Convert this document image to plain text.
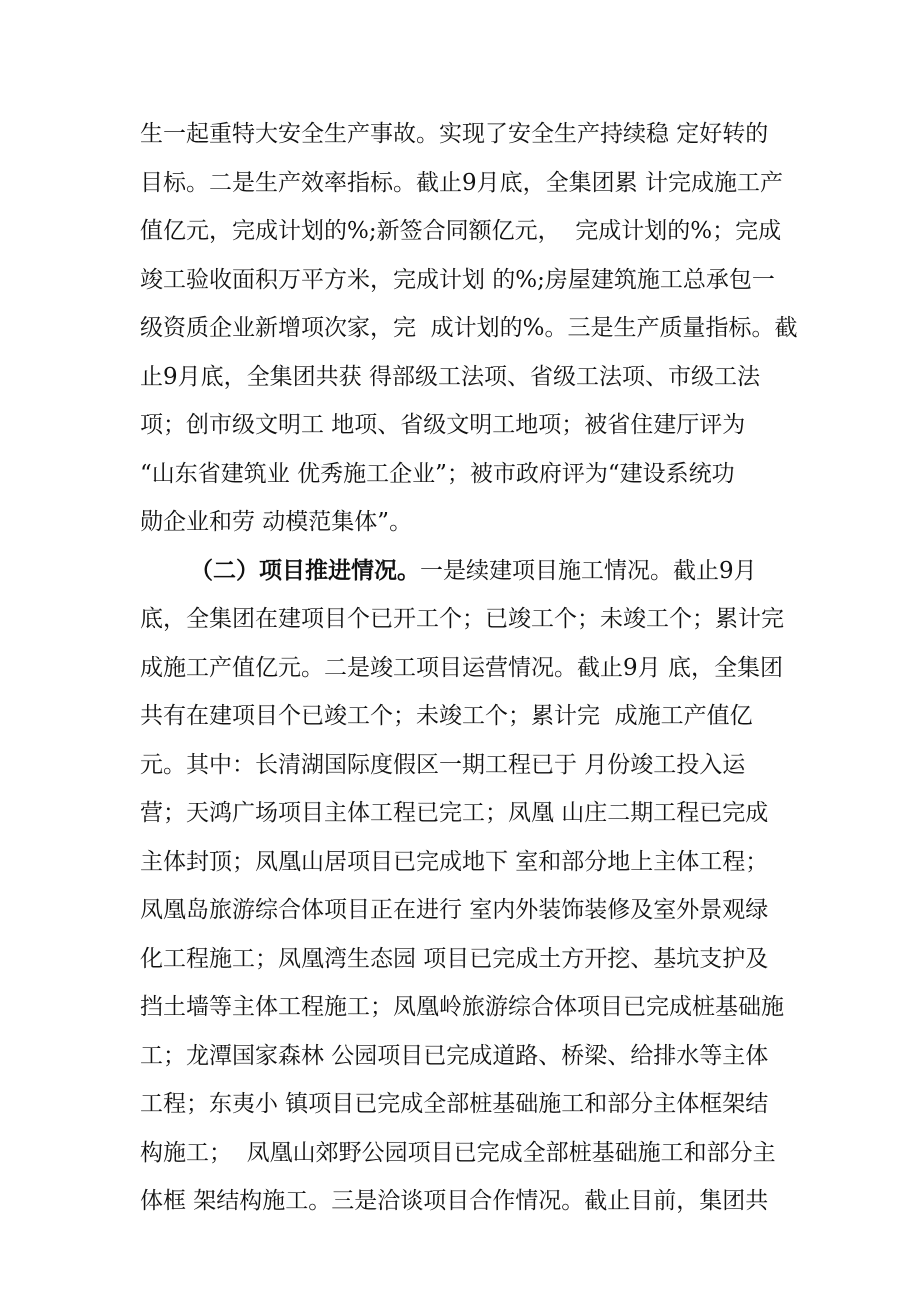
生一起重特大安全生产事故。实现了安全生产持续稳 定好转的
目标。二是生产效率指标。截止9月底，全集团累 计完成施工产
值亿元，完成计划的%;新签合同额亿元，  完成计划的%；完成
竣工验收面积万平方米，完成计划 的%;房屋建筑施工总承包一
级资质企业新增项次家，完  成计划的%。三是生产质量指标。截
止9月底，全集团共获 得部级工法项、省级工法项、市级工法
项；创市级文明工 地项、省级文明工地项；被省住建厅评为
“山东省建筑业 优秀施工企业”；被市政府评为“建设系统功
勋企业和劳 动模范集体”。
（二）项目推进情况。一是续建项目施工情况。截止9月
底，全集团在建项目个已开工个；已竣工个；未竣工个；累计完
成施工产值亿元。二是竣工项目运营情况。截止9月 底，全集团
共有在建项目个已竣工个；未竣工个；累计完  成施工产值亿
元。其中：长清湖国际度假区一期工程已于 月份竣工投入运
营；天鸿广场项目主体工程已完工；凤凰 山庄二期工程已完成
主体封顶；凤凰山居项目已完成地下 室和部分地上主体工程；
凤凰岛旅游综合体项目正在进行 室内外装饰装修及室外景观绿
化工程施工；凤凰湾生态园 项目已完成土方开挖、基坑支护及
挡土墙等主体工程施工；凤凰岭旅游综合体项目已完成桩基础施
工；龙潭国家森林 公园项目已完成道路、桥梁、给排水等主体
工程；东夷小 镇项目已完成全部桩基础施工和部分主体框架结
构施工；  凤凰山郊野公园项目已完成全部桩基础施工和部分主
体框 架结构施工。三是洽谈项目合作情况。截止目前，集团共
